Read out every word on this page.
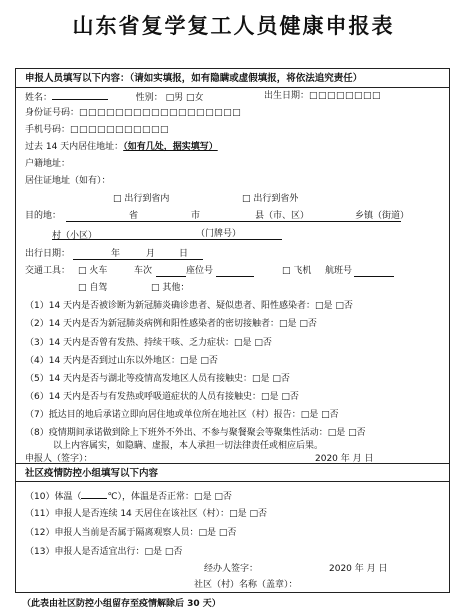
山东省复学复工人员健康申报表
申报人员填写以下内容：（请如实填报，如有隐瞒或虚假填报，将依法追究责任）
姓名：	性别： □男 □女	出生日期：□□□□□□□□
身份证号码：□□□□□□□□□□□□□□□□□□
手机号码：□□□□□□□□□□□
过去 14 天内居住地址：（如有几处，据实填写）
户籍地址：
居住证地址（如有）：
□ 出行到省内	□ 出行到省外
目的地：	省	市	县（市、区）	乡镇（街道）
村（小区）	（门牌号）
出行日期：	年	月	日
交通工具： □ 火车	车次	座位号	□ 飞机 航班号
□ 自驾	□ 其他：
（1）14 天内是否被诊断为新冠肺炎确诊患者、疑似患者、阳性感染者：□是 □否
（2）14 天内是否为新冠肺炎病例和阳性感染者的密切接触者：□是 □否
（3）14 天内是否曾有发热、持续干咳、乏力症状：□是 □否
（4）14 天内是否到过山东以外地区：□是 □否
（5）14 天内是否与湖北等疫情高发地区人员有接触史：□是 □否
（6）14 天内是否与有发热或呼吸道症状的人员有接触史：□是 □否
（7）抵达目的地后承诺立即向居住地或单位所在地社区（村）报告：□是 □否
（8）疫情期间承诺做到除上下班外不外出、不参与聚餐聚会等聚集性活动：□是 □否
以上内容属实，如隐瞒、虚报，本人承担一切法律责任或相应后果。
申报人（签字）：	2020 年 月 日
社区疫情防控小组填写以下内容
（10）体温（	℃），体温是否正常：□是 □否
（11）申报人是否连续 14 天居住在该社区（村）：□是 □否
（12）申报人当前是否属于隔离观察人员：□是 □否
（13）申报人是否适宜出行：□是 □否
经办人签字：	2020 年 月 日
社区（村）名称（盖章）：
（此表由社区防控小组留存至疫情解除后 30 天）
